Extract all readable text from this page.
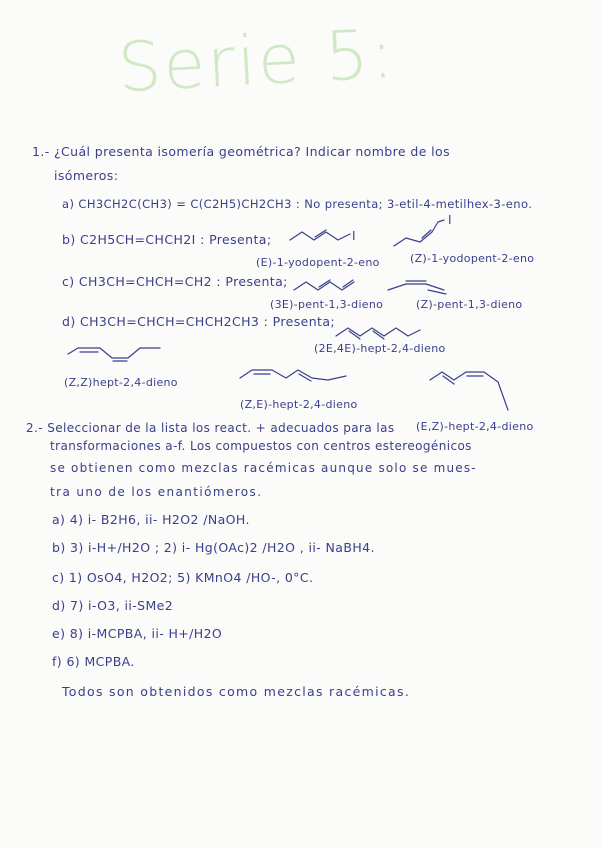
Serie 5:
1.- ¿Cuál presenta isomería geométrica? Indicar nombre de los
isómeros:
a) CH3CH2C(CH3) = C(C2H5)CH2CH3 : No presenta; 3-etil-4-metilhex-3-eno.
b) C2H5CH=CHCH2I : Presenta;	I
I
(E)-1-yodopent-2-eno	(Z)-1-yodopent-2-eno
c) CH3CH=CHCH=CH2 : Presenta;
(3E)-pent-1,3-dieno	(Z)-pent-1,3-dieno
d) CH3CH=CHCH=CHCH2CH3 : Presenta;
(2E,4E)-hept-2,4-dieno
(Z,Z)hept-2,4-dieno
(Z,E)-hept-2,4-dieno
(E,Z)-hept-2,4-dieno
2.- Seleccionar de la lista los react. + adecuados para las
transformaciones a-f. Los compuestos con centros estereogénicos
se obtienen como mezclas racémicas aunque solo se mues-
tra uno de los enantiómeros.
a) 4) i- B2H6, ii- H2O2 /NaOH.
b) 3) i-H+/H2O ; 2) i- Hg(OAc)2 /H2O , ii- NaBH4.
c) 1) OsO4, H2O2; 5) KMnO4 /HO-, 0°C.
d) 7) i-O3, ii-SMe2
e) 8) i-MCPBA, ii- H+/H2O
f) 6) MCPBA.
Todos son obtenidos como mezclas racémicas.
